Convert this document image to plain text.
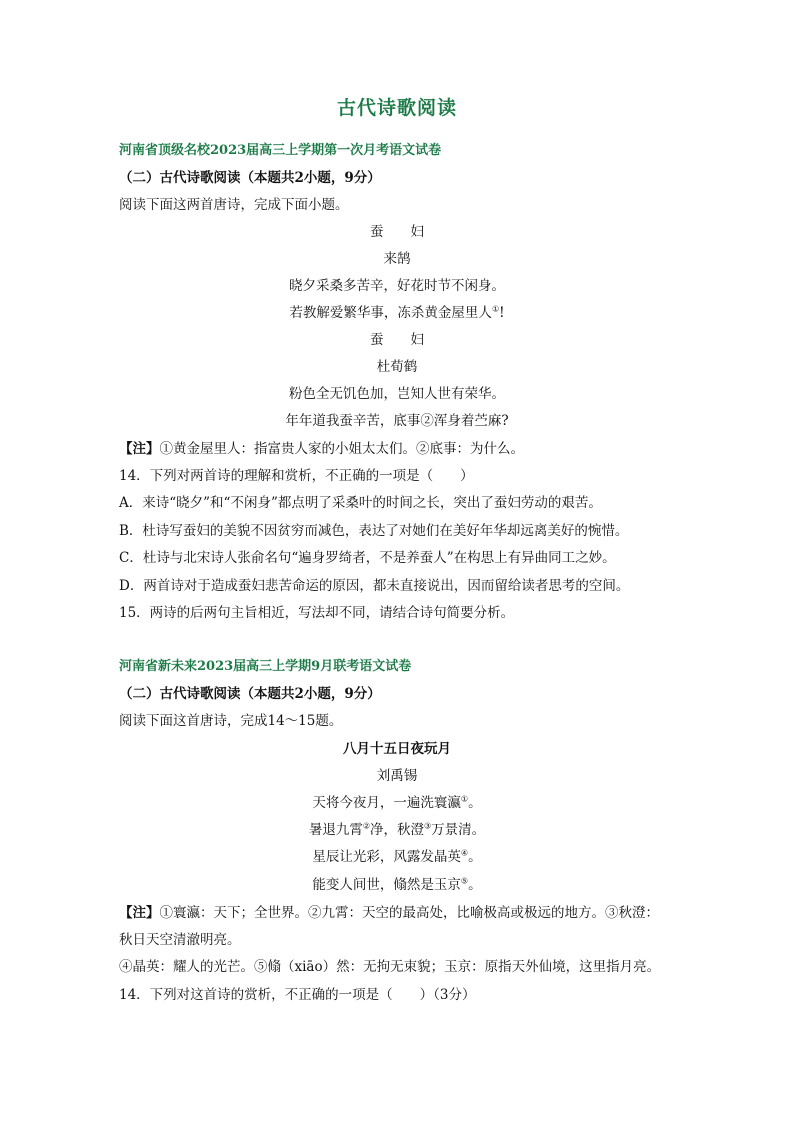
古代诗歌阅读
河南省顶级名校2023届高三上学期第一次月考语文试卷
（二）古代诗歌阅读（本题共2小题，9分）
阅读下面这两首唐诗，完成下面小题。
蚕　　妇
来鹄
晓夕采桑多苦辛，好花时节不闲身。
若教解爱繁华事，冻杀黄金屋里人①!
蚕　　妇
杜荀鹤
粉色全无饥色加，岂知人世有荣华。
年年道我蚕辛苦，底事②浑身着苎麻?
【注】①黄金屋里人：指富贵人家的小姐太太们。②底事：为什么。
14．下列对两首诗的理解和赏析，不正确的一项是（　　）
A．来诗“晓夕”和“不闲身”都点明了采桑叶的时间之长，突出了蚕妇劳动的艰苦。
B．杜诗写蚕妇的美貌不因贫穷而减色，表达了对她们在美好年华却远离美好的惋惜。
C．杜诗与北宋诗人张俞名句“遍身罗绮者，不是养蚕人”在构思上有异曲同工之妙。
D．两首诗对于造成蚕妇悲苦命运的原因，都未直接说出，因而留给读者思考的空间。
15．两诗的后两句主旨相近，写法却不同，请结合诗句简要分析。
河南省新未来2023届高三上学期9月联考语文试卷
（二）古代诗歌阅读（本题共2小题，9分）
阅读下面这首唐诗，完成14～15题。
八月十五日夜玩月
刘禹锡
天将今夜月，一遍洗寰瀛①。
暑退九霄②净，秋澄③万景清。
星辰让光彩，风露发晶英④。
能变人间世，翛然是玉京⑤。
【注】①寰瀛：天下；全世界。②九霄：天空的最高处，比喻极高或极远的地方。③秋澄：
秋日天空清澈明亮。
④晶英：耀人的光芒。⑤翛（xiāo）然：无拘无束貌；玉京：原指天外仙境，这里指月亮。
14．下列对这首诗的赏析，不正确的一项是（　　）（3分）
